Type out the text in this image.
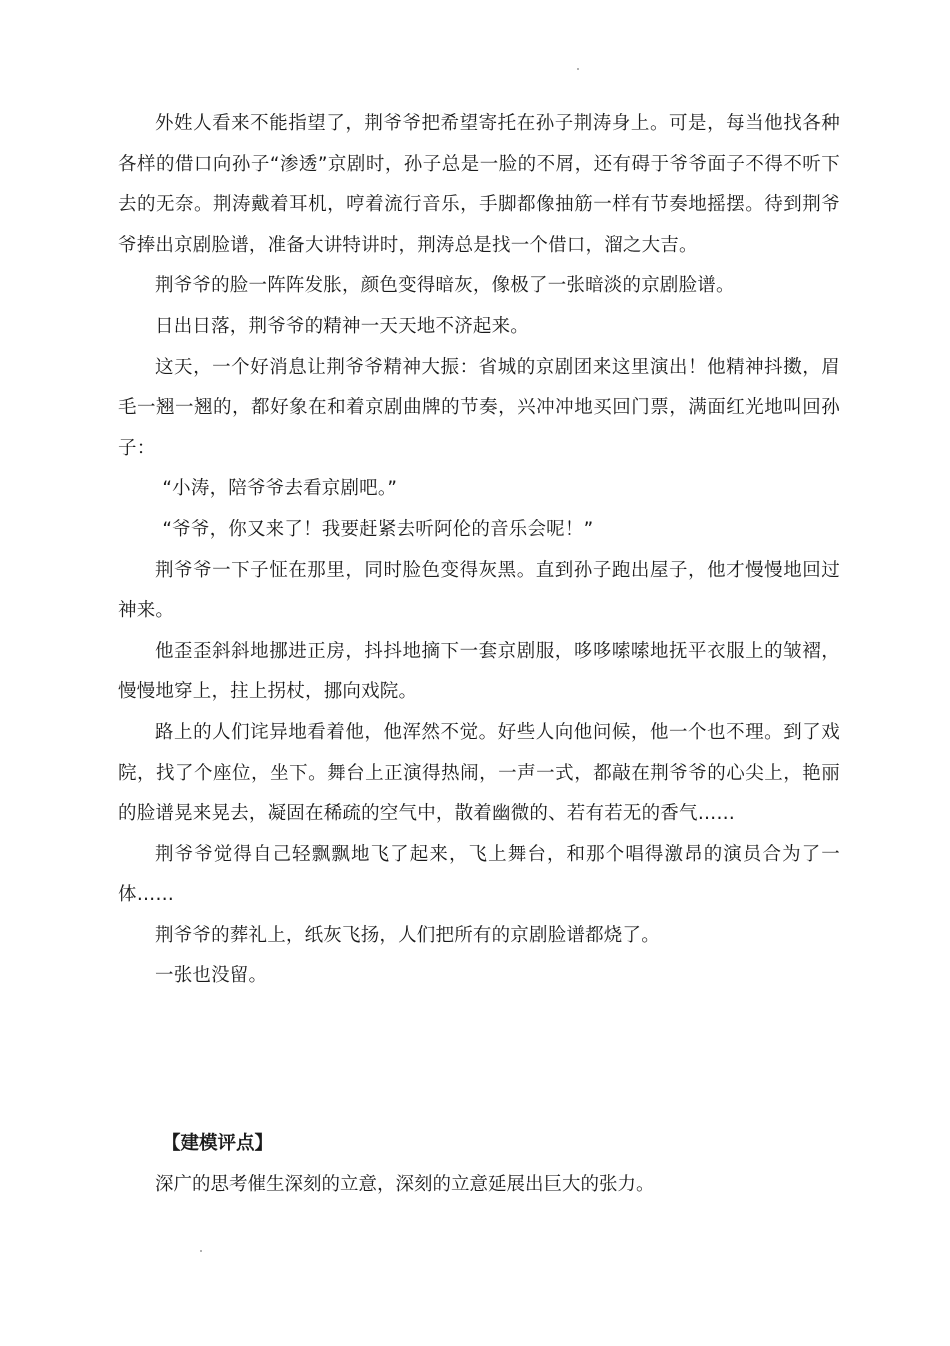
外姓人看来不能指望了，荆爷爷把希望寄托在孙子荆涛身上。可是，每当他找各种各样的借口向孙子“渗透”京剧时，孙子总是一脸的不屑，还有碍于爷爷面子不得不听下去的无奈。荆涛戴着耳机，哼着流行音乐，手脚都像抽筋一样有节奏地摇摆。待到荆爷爷捧出京剧脸谱，准备大讲特讲时，荆涛总是找一个借口，溜之大吉。

荆爷爷的脸一阵阵发胀，颜色变得暗灰，像极了一张暗淡的京剧脸谱。

日出日落，荆爷爷的精神一天天地不济起来。

这天，一个好消息让荆爷爷精神大振：省城的京剧团来这里演出！他精神抖擞，眉毛一翘一翘的，都好象在和着京剧曲牌的节奏，兴冲冲地买回门票，满面红光地叫回孙子：

“小涛，陪爷爷去看京剧吧。”

“爷爷，你又来了！我要赶紧去听阿伦的音乐会呢！”

荆爷爷一下子怔在那里，同时脸色变得灰黑。直到孙子跑出屋子，他才慢慢地回过神来。

他歪歪斜斜地挪进正房，抖抖地摘下一套京剧服，哆哆嗦嗦地抚平衣服上的皱褶，慢慢地穿上，拄上拐杖，挪向戏院。

路上的人们诧异地看着他，他浑然不觉。好些人向他问候，他一个也不理。到了戏院，找了个座位，坐下。舞台上正演得热闹，一声一式，都敲在荆爷爷的心尖上，艳丽的脸谱晃来晃去，凝固在稀疏的空气中，散着幽微的、若有若无的香气……

荆爷爷觉得自己轻飘飘地飞了起来，飞上舞台，和那个唱得激昂的演员合为了一体……

荆爷爷的葬礼上，纸灰飞扬，人们把所有的京剧脸谱都烧了。

一张也没留。

【建模评点】

深广的思考催生深刻的立意，深刻的立意延展出巨大的张力。
